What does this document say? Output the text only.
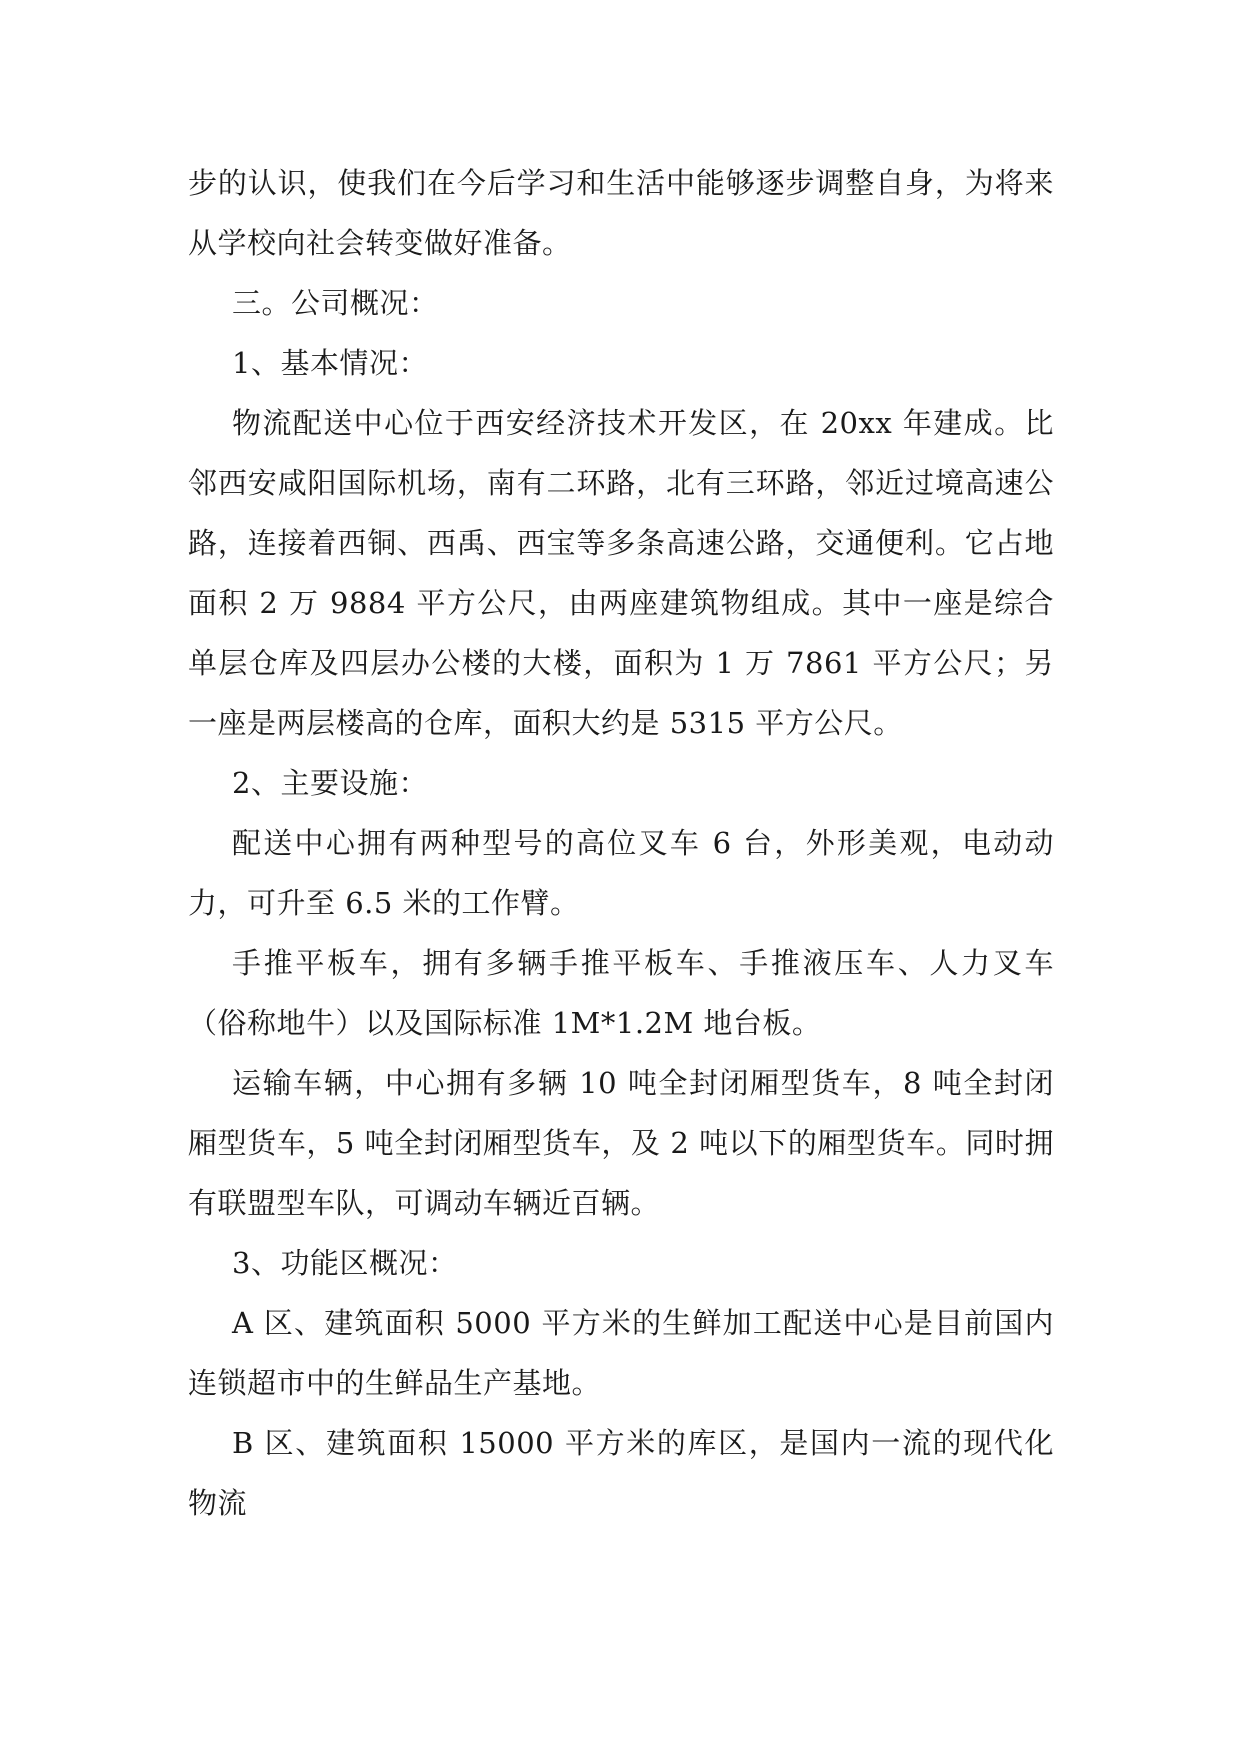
步的认识，使我们在今后学习和生活中能够逐步调整自身，为将来从学校向社会转变做好准备。

三。公司概况：

1、基本情况：

物流配送中心位于西安经济技术开发区，在 20xx 年建成。比邻西安咸阳国际机场，南有二环路，北有三环路，邻近过境高速公路，连接着西铜、西禹、西宝等多条高速公路，交通便利。它占地面积 2 万 9884 平方公尺，由两座建筑物组成。其中一座是综合单层仓库及四层办公楼的大楼，面积为 1 万 7861 平方公尺；另一座是两层楼高的仓库，面积大约是 5315 平方公尺。

2、主要设施：

配送中心拥有两种型号的高位叉车 6 台，外形美观，电动动力，可升至 6.5 米的工作臂。

手推平板车，拥有多辆手推平板车、手推液压车、人力叉车（俗称地牛）以及国际标准 1M*1.2M 地台板。

运输车辆，中心拥有多辆 10 吨全封闭厢型货车，8 吨全封闭厢型货车，5 吨全封闭厢型货车，及 2 吨以下的厢型货车。同时拥有联盟型车队，可调动车辆近百辆。

3、功能区概况：

A 区、建筑面积 5000 平方米的生鲜加工配送中心是目前国内连锁超市中的生鲜品生产基地。

B 区、建筑面积 15000 平方米的库区，是国内一流的现代化物流
